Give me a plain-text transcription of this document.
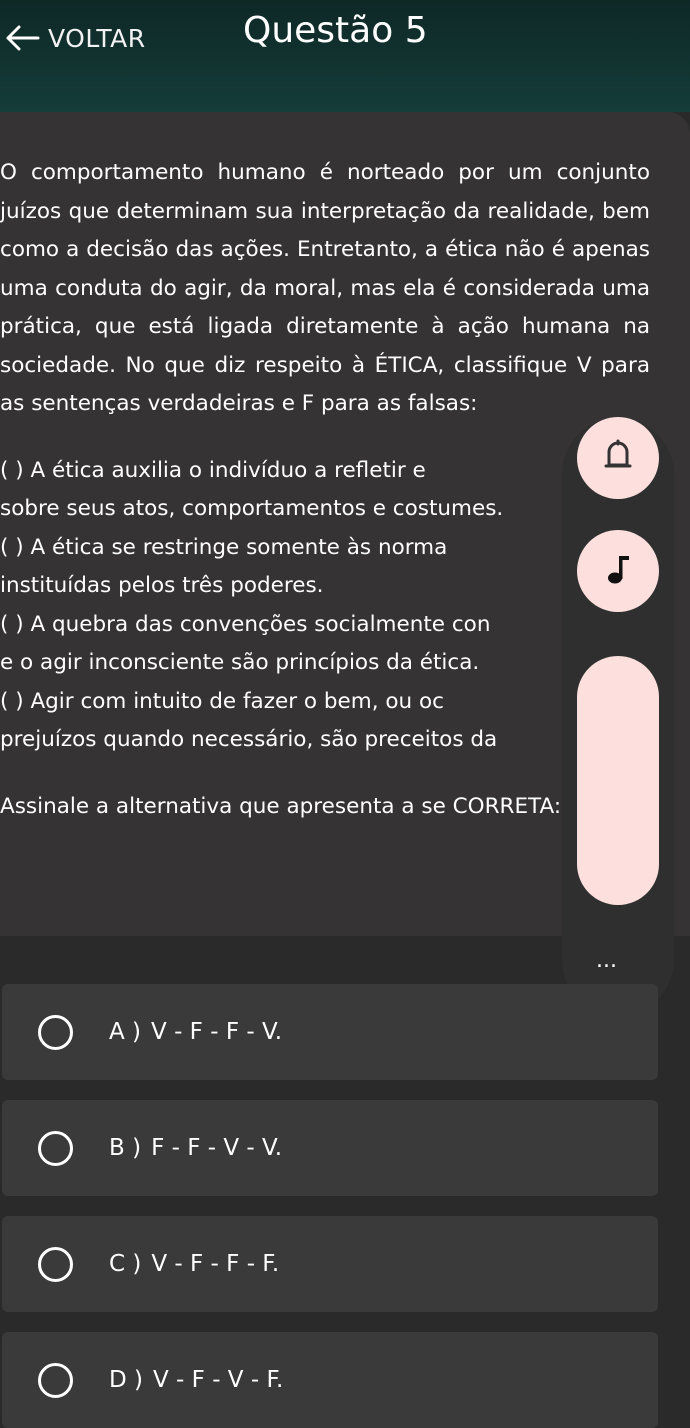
VOLTAR	Questão 5

O comportamento humano é norteado por um conjunto juízos que determinam sua interpretação da realidade, bem como a decisão das ações. Entretanto, a ética não é apenas uma conduta do agir, da moral, mas ela é considerada uma prática, que está ligada diretamente à ação humana na sociedade. No que diz respeito à ÉTICA, classifique V para as sentenças verdadeiras e F para as falsas:

( ) A ética auxilia o indivíduo a refletir e
sobre seus atos, comportamentos e costumes.
( ) A ética se restringe somente às norma
instituídas pelos três poderes.
( ) A quebra das convenções socialmente con
e o agir inconsciente são princípios da ética.
( ) Agir com intuito de fazer o bem, ou oc
prejuízos quando necessário, são preceitos da

Assinale a alternativa que apresenta a se CORRETA:

...
A ) V - F - F - V.
B ) F - F - V - V.
C ) V - F - F - F.
D ) V - F - V - F.
